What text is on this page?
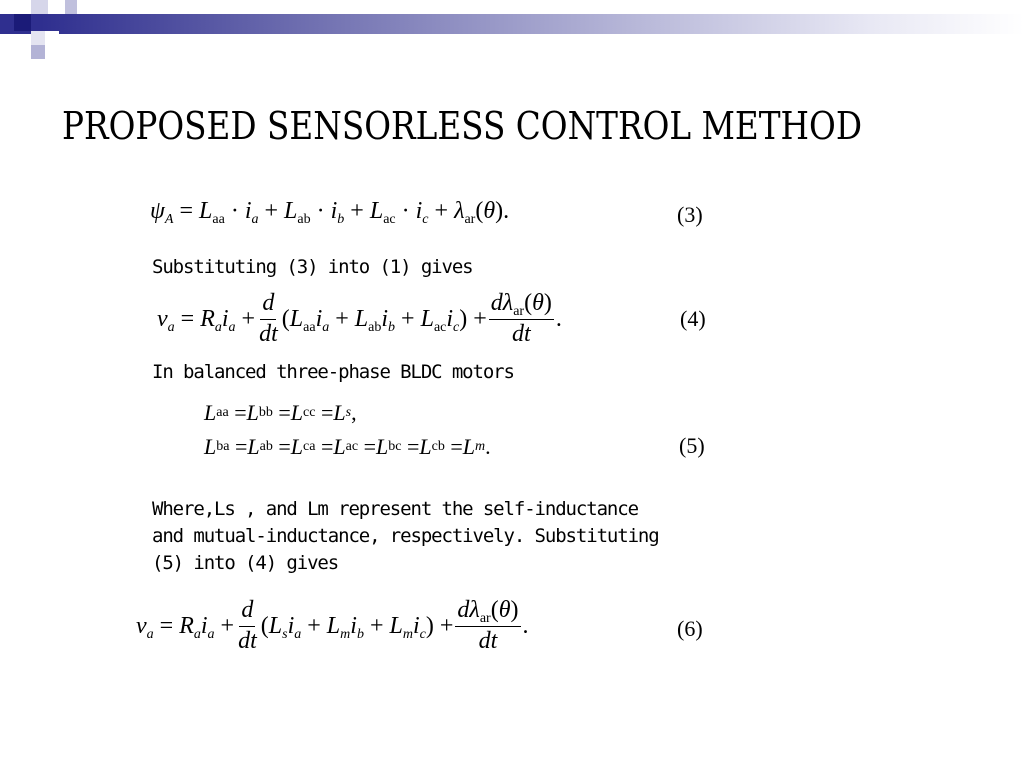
PROPOSED SENSORLESS CONTROL METHOD
$\psi_A = L_{aa} \cdot i_a + L_{ab} \cdot i_b + L_{ac} \cdot i_c + \lambda_{ar}(\theta)$.	(3)
Substituting (3) into (1) gives
$v_a = R_ai_a + \frac{d}{dt} (L_{aa}i_a + L_{ab}i_b + L_{ac}i_c) + \frac{d\lambda_{ar}(\theta)}{dt}$ .	(4)
In balanced three-phase BLDC motors
L aa = L bb = L cc = L s ,
L ba = L ab = L ca = L ac = L bc = L cb = L m .	(5)
Where,Ls , and Lm represent the self-inductance
and mutual-inductance, respectively. Substituting
(5) into (4) gives
$v_a = R_ai_a + \frac{d}{dt} (L_si_a + L_mi_b + L_mi_c) + \frac{d\lambda_{ar}(\theta)}{dt}$ .	(6)
